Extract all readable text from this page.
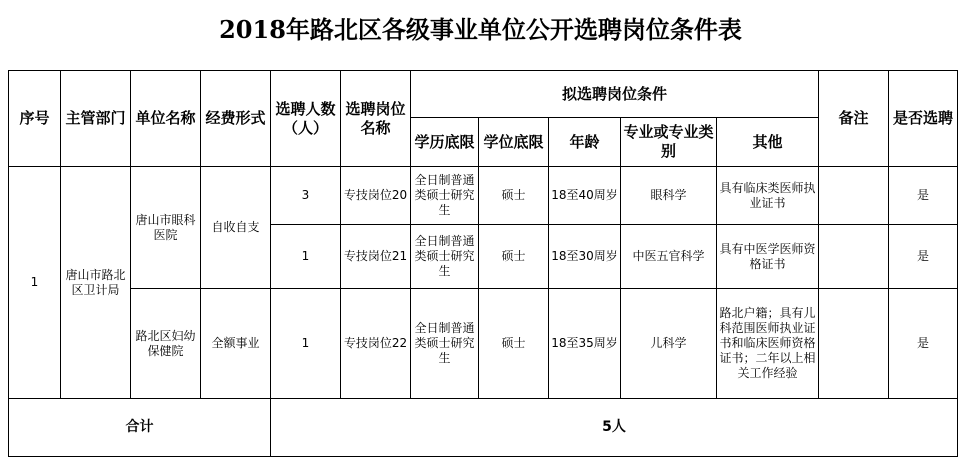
2018年路北区各级事业单位公开选聘岗位条件表
序号	主管部门	单位名称	经费形式	选聘人数（人）	选聘岗位名称	拟选聘岗位条件					备注	是否选聘
						学历底限	学位底限	年龄	专业或专业类别	其他		
1	唐山市路北区卫计局	唐山市眼科医院	自收自支	3	专技岗位20	全日制普通类硕士研究生	硕士	18至40周岁	眼科学	具有临床类医师执业证书		是
				1	专技岗位21	全日制普通类硕士研究生	硕士	18至30周岁	中医五官科学	具有中医学医师资格证书		是
		路北区妇幼保健院	全额事业	1	专技岗位22	全日制普通类硕士研究生	硕士	18至35周岁	儿科学	路北户籍；具有儿科范围医师执业证书和临床医师资格证书；二年以上相关工作经验		是
合计				5人								
